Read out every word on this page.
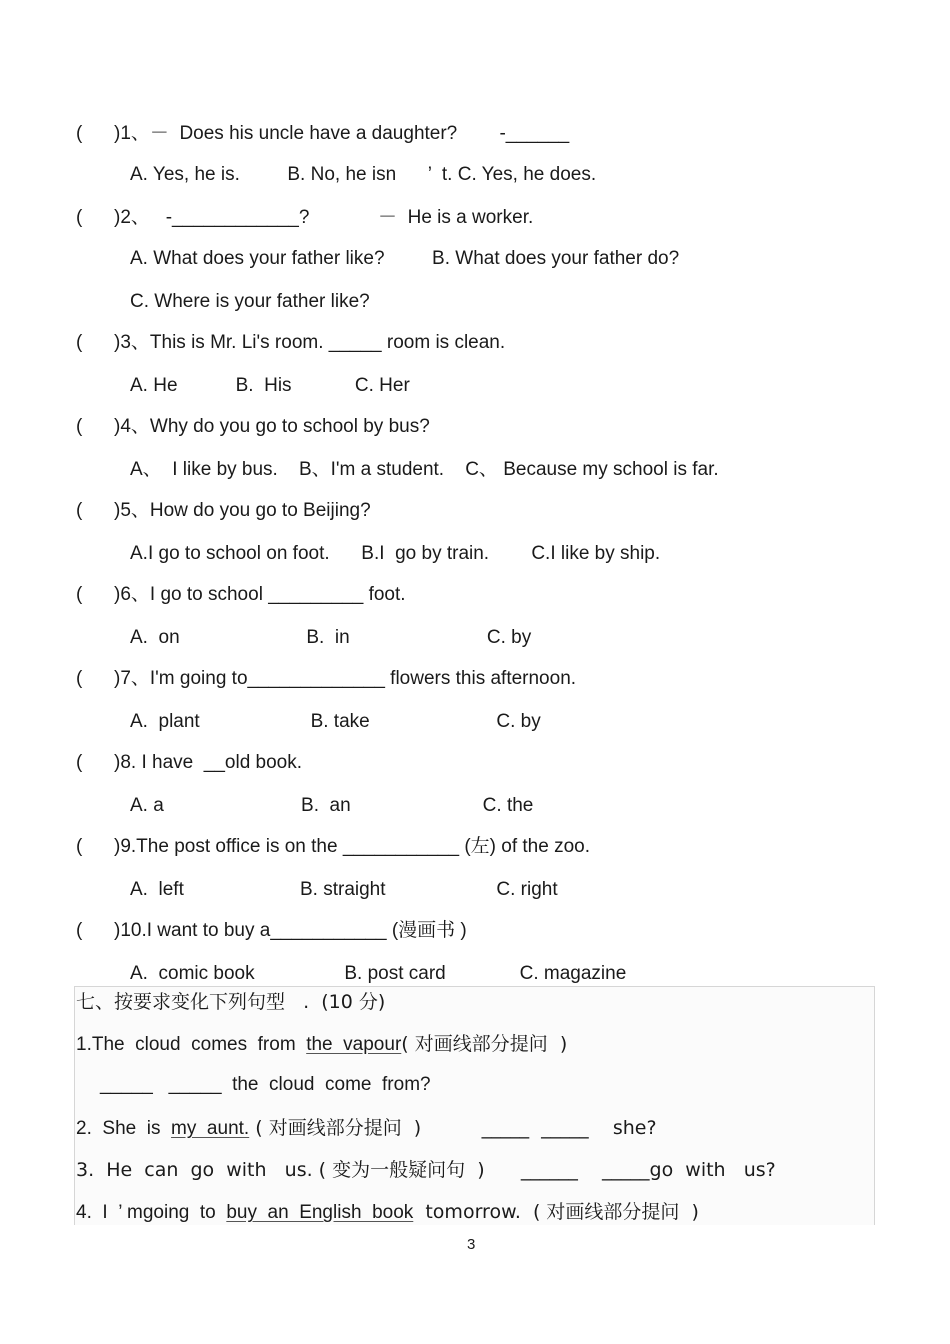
(      )1、－  Does his uncle have a daughter?        -______
A. Yes, he is.         B. No, he isn      ’  t. C. Yes, he does.
(      )2、   -____________?             －  He is a worker.
A. What does your father like?         B. What does your father do?
C. Where is your father like?
(      )3、This is Mr. Li's room. _____ room is clean.
A. He           B.  His            C. Her
(      )4、Why do you go to school by bus?
A、  I like by bus.    B、I'm a student.    C、 Because my school is far.
(      )5、How do you go to Beijing?
A.I go to school on foot.      B.I  go by train.        C.I like by ship.
(      )6、I go to school _________ foot.
A.  on                        B.  in                          C. by
(      )7、I'm going to_____________ flowers this afternoon.
A.  plant                     B. take                        C. by
(      )8. I have  __old book.
A. a                          B.  an                         C. the
(      )9.The post office is on the ___________ (左) of the zoo.
A.  left                      B. straight                     C. right
(      )10.I want to buy a___________ (漫画书 )
A.  comic book                 B. post card              C. magazine
七、按要求变化下列句型   .  (10 分)
1.The  cloud  comes  from  the  vapour( 对画线部分提问  )
_____   _____  the  cloud  come  from?
2.  She  is  my  aunt. ( 对画线部分提问  )          _____  _____    she?
3.  He  can  go  with   us. ( 变为一般疑问句  )      ______    _____go  with   us?
4.  I  ’ mgoing  to  buy  an  English  book  tomorrow.  ( 对画线部分提问  )
3
